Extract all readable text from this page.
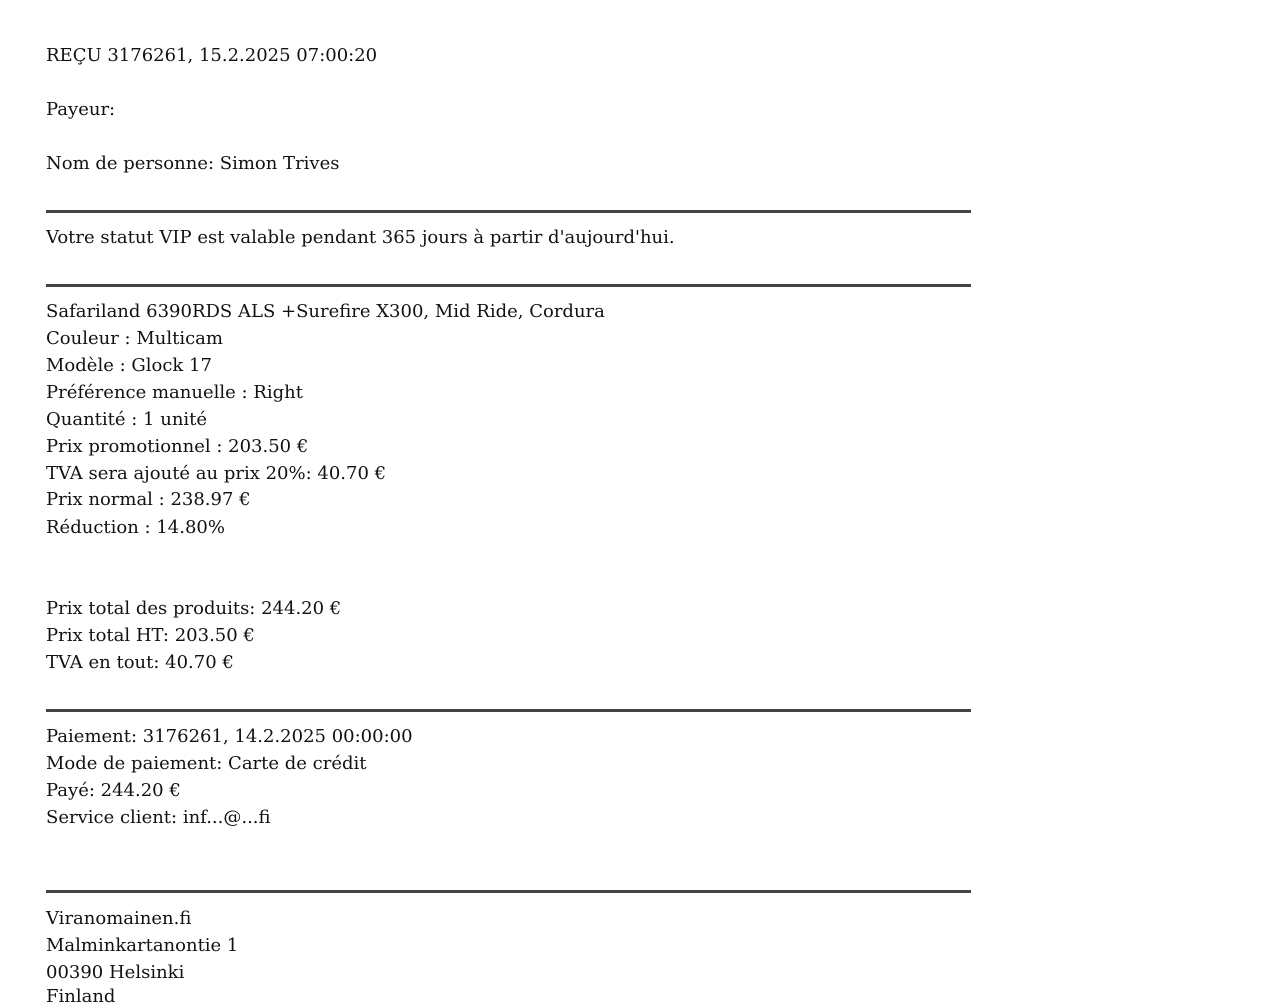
REÇU 3176261, 15.2.2025 07:00:20
Payeur:
Nom de personne: Simon Trives
Votre statut VIP est valable pendant 365 jours à partir d'aujourd'hui.
Safariland 6390RDS ALS +Surefire X300, Mid Ride, Cordura
Couleur : Multicam
Modèle : Glock 17
Préférence manuelle : Right
Quantité : 1 unité
Prix promotionnel : 203.50 €
TVA sera ajouté au prix 20%: 40.70 €
Prix normal : 238.97 €
Réduction : 14.80%
Prix total des produits: 244.20 €
Prix total HT: 203.50 €
TVA en tout: 40.70 €
Paiement: 3176261, 14.2.2025 00:00:00
Mode de paiement: Carte de crédit
Payé: 244.20 €
Service client: inf...@...fi
Viranomainen.fi
Malminkartanontie 1
00390 Helsinki
Finland
